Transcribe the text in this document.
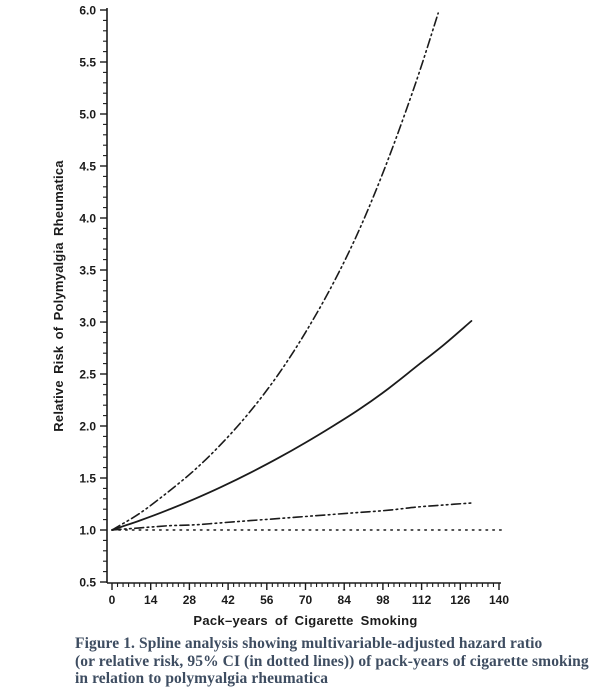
0.5
1.0
1.5
2.0
2.5
3.0
3.5
4.0
4.5
5.0
5.5
6.0
0 14 28 42 56 70 84 98 112 126 140
Relative Risk of Polymyalgia Rheumatica
Pack–years of Cigarette Smoking
Figure 1. Spline analysis showing multivariable-adjusted hazard ratio
(or relative risk, 95% CI (in dotted lines)) of pack-years of cigarette smoking
in relation to polymyalgia rheumatica
